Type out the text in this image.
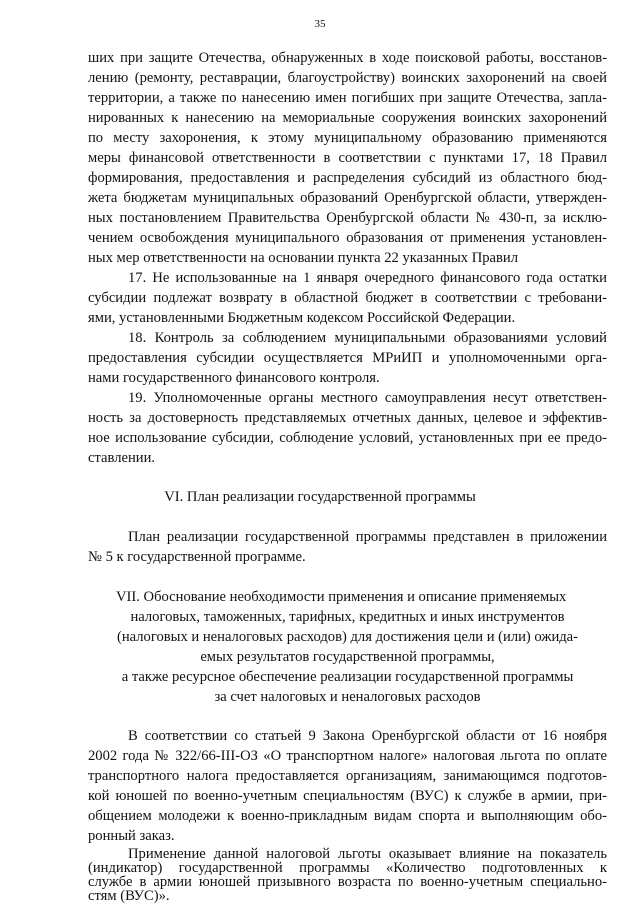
35
ших при защите Отечества, обнаруженных в ходе поисковой работы, восстанов-
лению (ремонту, реставрации, благоустройству) воинских захоронений на своей
территории, а также по нанесению имен погибших при защите Отечества, запла-
нированных к нанесению на мемориальные сооружения воинских захоронений
по месту захоронения, к этому муниципальному образованию применяются
меры финансовой ответственности в соответствии с пунктами 17, 18 Правил
формирования, предоставления и распределения субсидий из областного бюд-
жета бюджетам муниципальных образований Оренбургской области, утвержден-
ных постановлением Правительства Оренбургской области № 430-п, за исклю-
чением освобождения муниципального образования от применения установлен-
ных мер ответственности на основании пункта 22 указанных Правил
17. Не использованные на 1 января очередного финансового года остатки
субсидии подлежат возврату в областной бюджет в соответствии с требовани-
ями, установленными Бюджетным кодексом Российской Федерации.
18. Контроль за соблюдением муниципальными образованиями условий
предоставления субсидии осуществляется МРиИП и уполномоченными орга-
нами государственного финансового контроля.
19. Уполномоченные органы местного самоуправления несут ответствен-
ность за достоверность представляемых отчетных данных, целевое и эффектив-
ное использование субсидии, соблюдение условий, установленных при ее предо-
ставлении.
VI. План реализации государственной программы
План реализации государственной программы представлен в приложении
№ 5 к государственной программе.
VII. Обоснование необходимости применения и описание применяемых
налоговых, таможенных, тарифных, кредитных и иных инструментов
(налоговых и неналоговых расходов) для достижения цели и (или) ожида-
емых результатов государственной программы,
а также ресурсное обеспечение реализации государственной программы
за счет налоговых и неналоговых расходов
В соответствии со статьей 9 Закона Оренбургской области от 16 ноября
2002 года № 322/66-III-ОЗ «О транспортном налоге» налоговая льгота по оплате
транспортного налога предоставляется организациям, занимающимся подготов-
кой юношей по военно-учетным специальностям (ВУС) к службе в армии, при-
общением молодежи к военно-прикладным видам спорта и выполняющим обо-
ронный заказ.
Применение данной налоговой льготы оказывает влияние на показатель
(индикатор) государственной программы «Количество подготовленных к
службе в армии юношей призывного возраста по военно-учетным специально-
стям (ВУС)».
